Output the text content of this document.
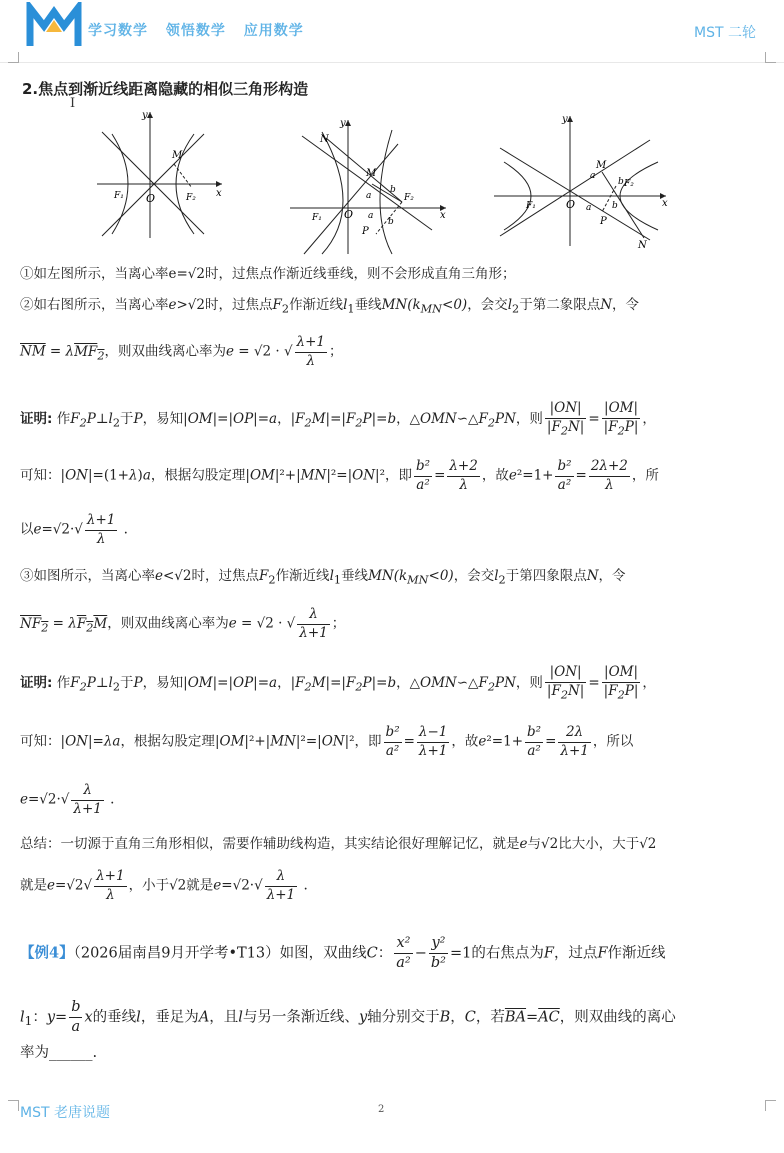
学习数学 领悟数学 应用数学	MST 二轮
2.焦点到渐近线距离隐藏的相似三角形构造
I
y
x
O
M
F₁	F₂
y
x
O
M
N
P
F₁
F₂
a
a
b
b
y
x
O
M
N
P
F₁
F₂
a
a
b
b
①如左图所示，当离心率e=√2时，过焦点作渐近线垂线，则不会形成直角三角形；
②如右图所示，当离心率e>√2时，过焦点$F_2$作渐近线$l_1$垂线$MN(k_{MN}<0)$，会交$l_2$于第二象限点N，令
$\overline{NM} = \lambda MF_2$，则双曲线离心率为e = √2 · √ $\frac{\lambda+1}{\lambda}$ ；
证明: 作$F_2P\perp l_2$于P，易知|OM|=|OP|=a，$|F_2M|=|F_2P|=b$，$\triangle OMN∽\triangle F_2PN$，则 $\frac{|ON|}{|F_2N|} = \frac{|OM|}{|F_2P|}$ ，
可知：|ON|=(1+λ)a，根据勾股定理|OM|²+|MN|²=|ON|²，即 $\frac{\text{b²}}{\text{a²}} = \frac{\lambda+2}{\lambda}$ ，故$e^2=1+ \frac{\text{b²}}{\text{a²}} = \frac{2\lambda+2}{\lambda}$ ，所
以$e=√2\cdot√ \frac{\lambda+1}{\lambda}$ .
③如图所示，当离心率e<√2时，过焦点$F_2$作渐近线$l_1$垂线$MN(k_{MN}<0)$，会交$l_2$于第四象限点N，令
$NF_2 = \lambda F_2M$，则双曲线离心率为e = √2 · √ $\frac{\lambda}{\lambda+1}$ ；
证明: 作$F_2P\perp l_2$于P，易知|OM|=|OP|=a，$|F_2M|=|F_2P|=b$，$\triangle OMN∽\triangle F_2PN$，则 $\frac{|ON|}{|F_2N|} = \frac{|OM|}{|F_2P|}$ ，
可知：|ON|=λa，根据勾股定理|OM|²+|MN|²=|ON|²，即 $\frac{\text{b²}}{\text{a²}} = \frac{\lambda-1}{\lambda+1}$ ，故$e^2=1+ \frac{\text{b²}}{\text{a²}} = \frac{2\lambda}{\lambda+1}$ ，所以
$e=√2\cdot√ \frac{\lambda}{\lambda+1}$ .
总结：一切源于直角三角形相似，需要作辅助线构造，其实结论很好理解记忆，就是e与√2比大小，大于√2
就是$e=√2√ \frac{\lambda+1}{\lambda}$ ，小于√2就是$e=√2\cdot√ \frac{\lambda}{\lambda+1}$ .
【例4】（2026届南昌9月开学考•T13）如图，双曲线C： $\frac{\text{x²}}{\text{a²}} - \frac{\text{y²}}{\text{b²}} =1$的右焦点为F，过点F作渐近线
$l_1$：$y= \frac{b}{a}$ x的垂线l，垂足为A，且l与另一条渐近线、y轴分别交于B，C，若$\overline{BA}=\overline{AC}$，则双曲线的离心
率为______.
MST 老唐说题	2
